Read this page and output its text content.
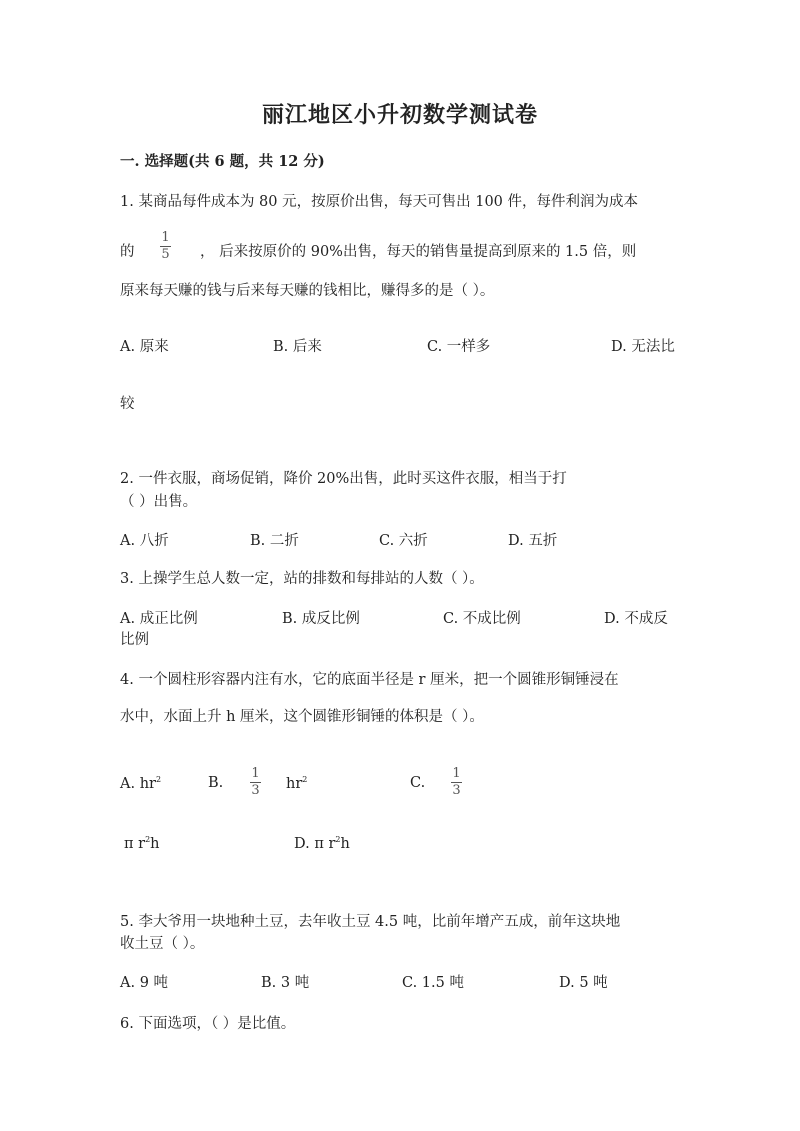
丽江地区小升初数学测试卷
一. 选择题(共 6 题，共 12 分)
1. 某商品每件成本为 80 元，按原价出售，每天可售出 100 件，每件利润为成本
的
1
5 ， 后来按原价的 90%出售，每天的销售量提高到原来的 1.5 倍，则
原来每天赚的钱与后来每天赚的钱相比，赚得多的是（ ）。
A. 原来	B. 后来	C. 一样多	D. 无法比
较
2. 一件衣服，商场促销，降价 20%出售，此时买这件衣服，相当于打
（ ）出售。
A. 八折	B. 二折	C. 六折	D. 五折
3. 上操学生总人数一定，站的排数和每排站的人数（ ）。
A. 成正比例	B. 成反比例	C. 不成比例	D. 不成反
比例
4. 一个圆柱形容器内注有水，它的底面半径是 r 厘米，把一个圆锥形铜锤浸在
水中，水面上升 h 厘米，这个圆锥形铜锤的体积是（ ）。
A. $hr^2$	B.
1
3 $hr^2$	C.
1
3
π $r^2h$	D. π $r^2h$
5. 李大爷用一块地种土豆，去年收土豆 4.5 吨，比前年增产五成，前年这块地
收土豆（ ）。
A. 9 吨	B. 3 吨	C. 1.5 吨	D. 5 吨
6. 下面选项，（ ）是比值。
